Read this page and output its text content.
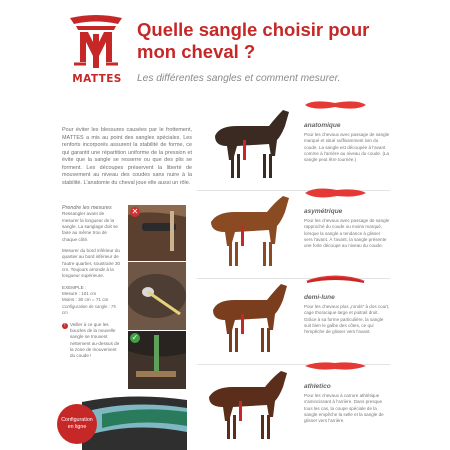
MATTES
Quelle sangle choisir pour mon cheval ?
Les différentes sangles et comment mesurer.

Pour éviter les blessures causées par le frottement, MATTES a mis au point des sangles spéciales. Les renforts incorporés assurent la stabilité de forme, ce qui garantit une répartition uniforme de la pression et évite que la sangle se resserre ou que des plis se forment. Les découpes préservent la liberté de mouvement au niveau des coudes sans nuire à la stabilité. L'anatomie du cheval joue elle aussi un rôle.

Prendre les mesures
Ressangler avant de mesurer la longueur de la sangle. La sanglage doit se faire au même trou de chaque côté.
Mesurer du bord inférieur du quartier au bord inférieur de l'autre quartier, soustraire 30 cm. Toujours arrondir à la longueur supérieure.
EXEMPLE :
Mesure : 101 cm
Moins : 30 cm = 71 cm
Configuration de sangle : 75 cm
! Veiller à ce que les boucles de la nouvelle sangle se trouvent nettement au-dessus de la zone de mouvement du coude !
✕
✓
Configuration
en ligne
anatomique
Pour les chevaux avec passage de sangle marqué et situé suffisamment loin du coude. La sangle est découpée à l'avant comme à l'arrière au niveau du coude. (La sangle peut être tournée.)
asymétrique
Pour les chevaux avec passage de sangle rapproché du coude ou moins marqué, lorsque la sangle a tendance à glisser vers l'avant. À l'avant, la sangle présente une forte découpe au niveau du coude.
demi-lune
Pour les chevaux plus „ronds" à dos court, cage thoracique large et poitrail droit. Grâce à sa forme particulière, la sangle suit bien le galbe des côtes, ce qui l'empêche de glisser vers l'avant.
athletico
Pour les chevaux à carrure athlétique s'amincissant à l'arrière. Dans presque tous les cas, la coupe spéciale de la sangle empêche la selle et la sangle de glisser vers l'arrière.
